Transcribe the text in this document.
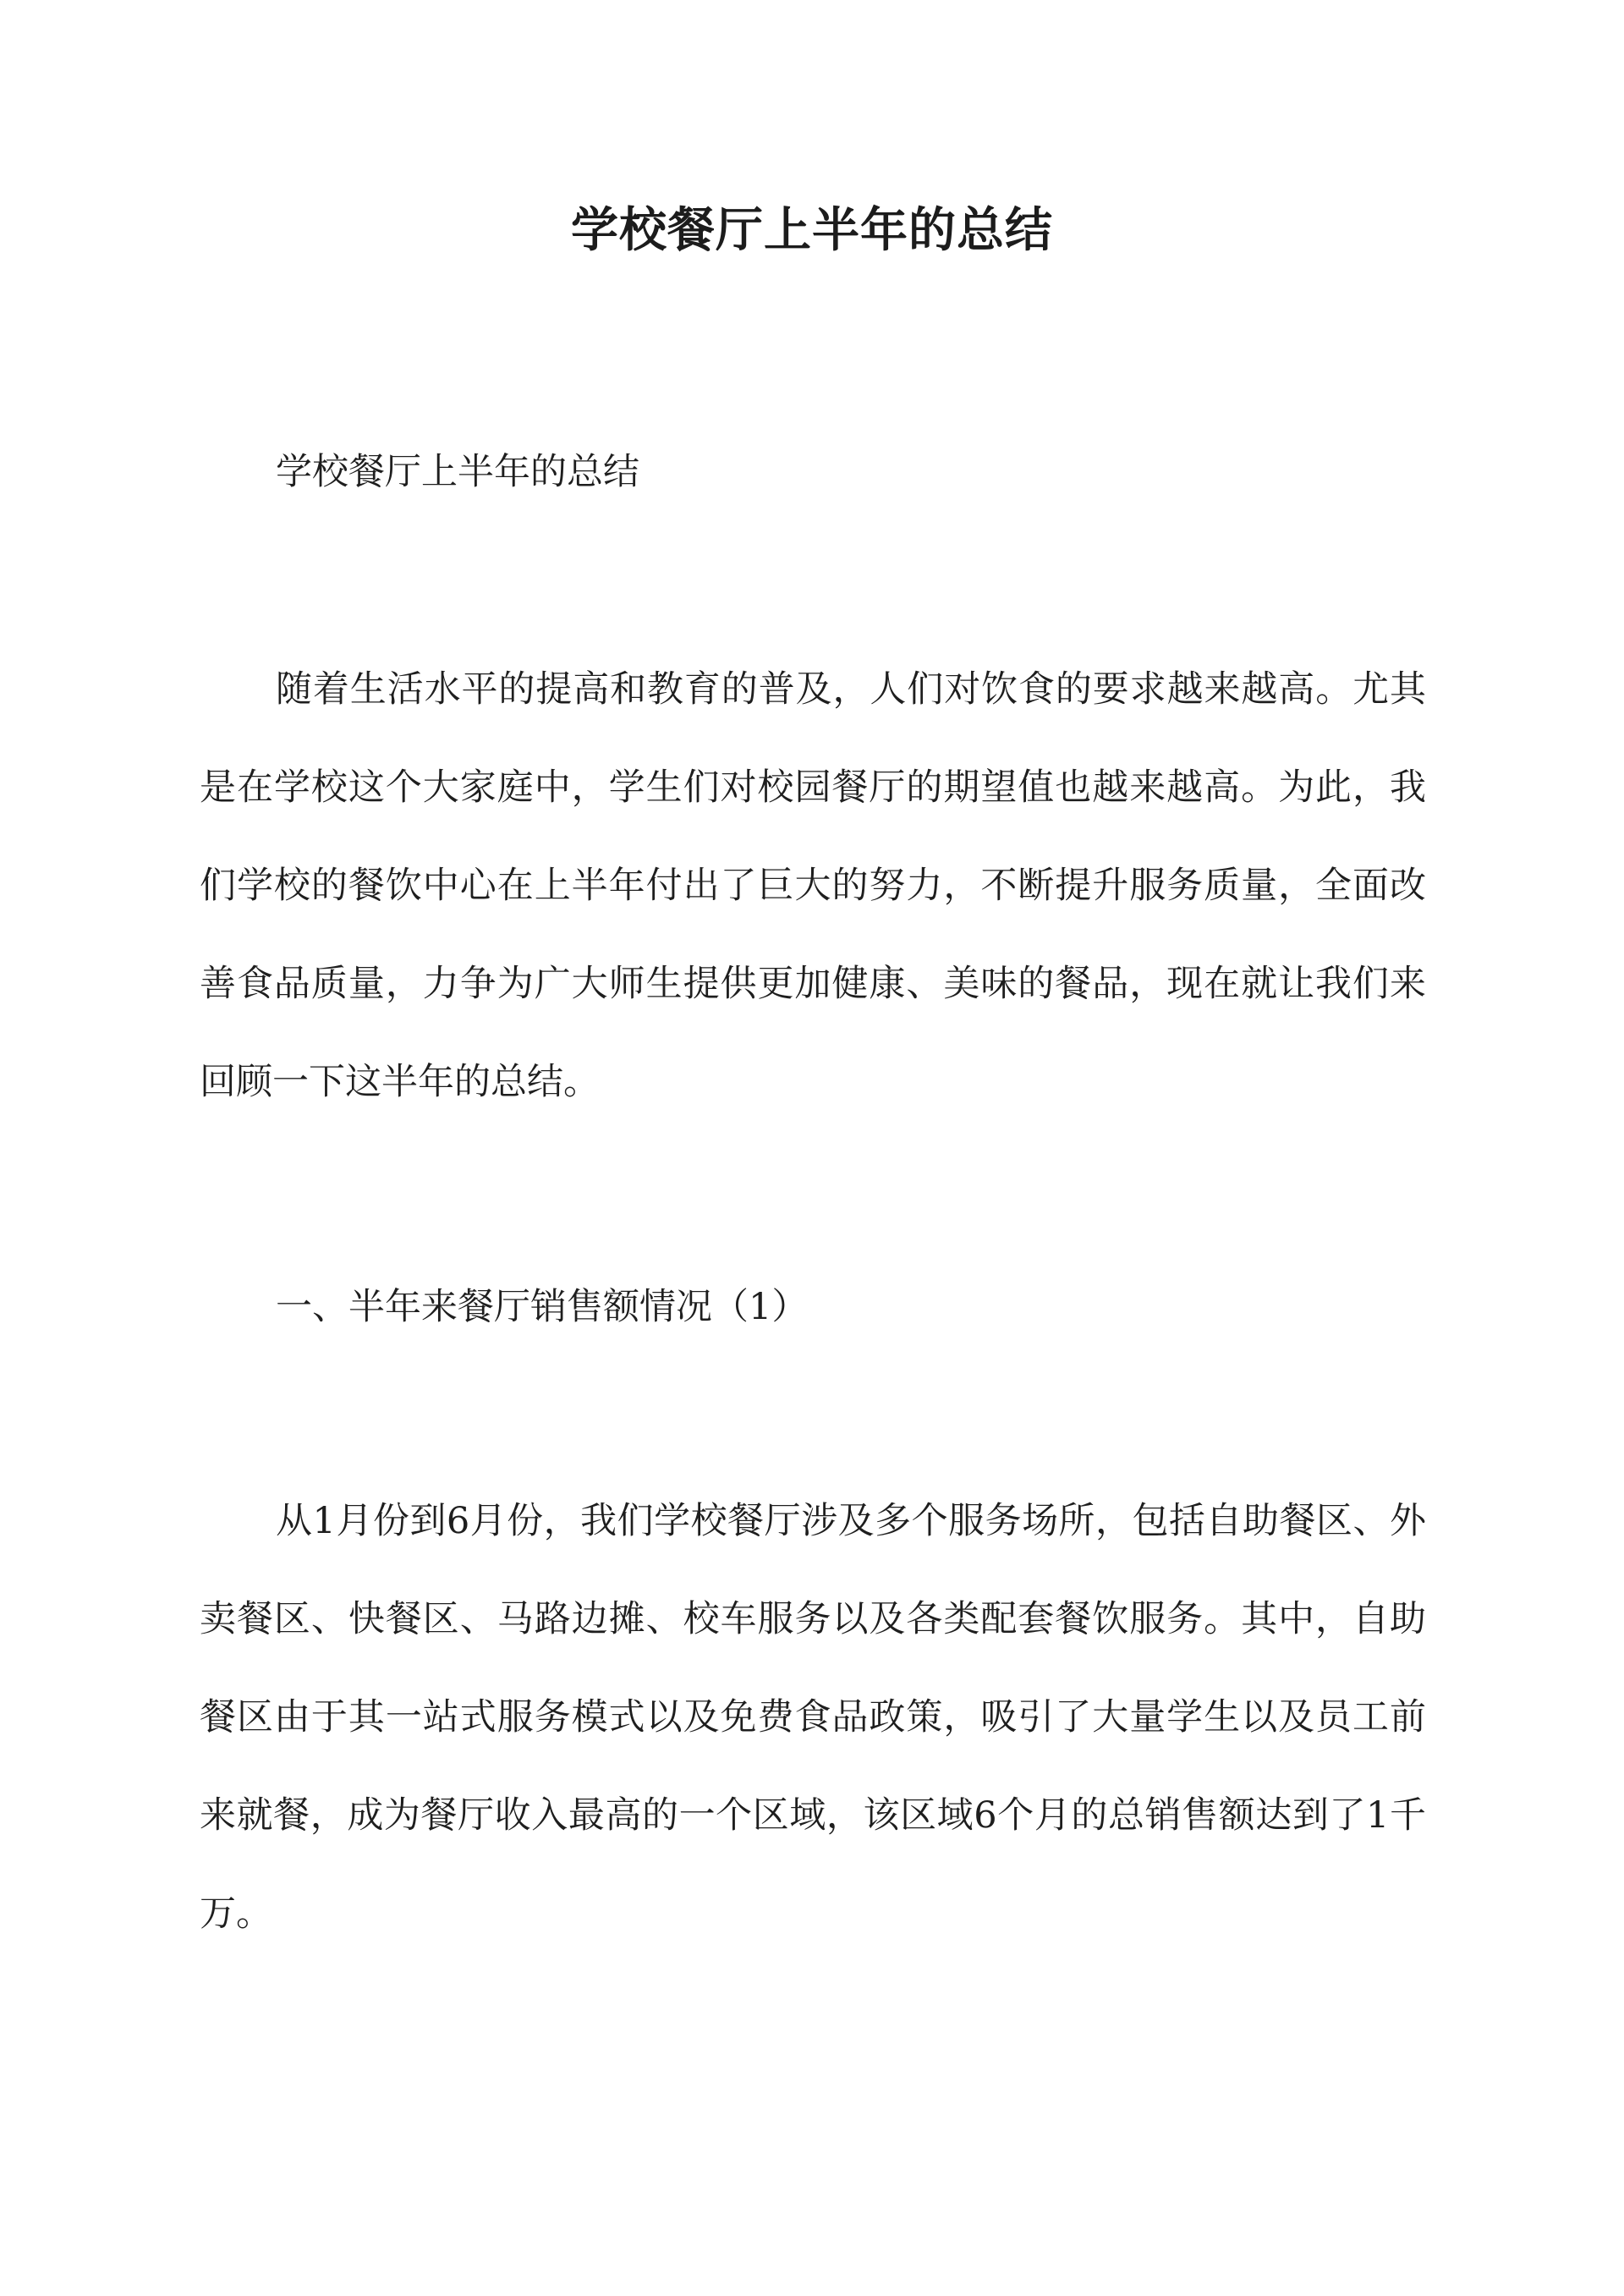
学校餐厅上半年的总结

学校餐厅上半年的总结

随着生活水平的提高和教育的普及，人们对饮食的要求越来越高。尤其是在学校这个大家庭中，学生们对校园餐厅的期望值也越来越高。为此，我们学校的餐饮中心在上半年付出了巨大的努力，不断提升服务质量，全面改善食品质量，力争为广大师生提供更加健康、美味的餐品，现在就让我们来回顾一下这半年的总结。

一、半年来餐厅销售额情况（1）

从1月份到6月份，我们学校餐厅涉及多个服务场所，包括自助餐区、外卖餐区、快餐区、马路边摊、校车服务以及各类配套餐饮服务。其中，自助餐区由于其一站式服务模式以及免费食品政策，吸引了大量学生以及员工前来就餐，成为餐厅收入最高的一个区域，该区域6个月的总销售额达到了1千万。
